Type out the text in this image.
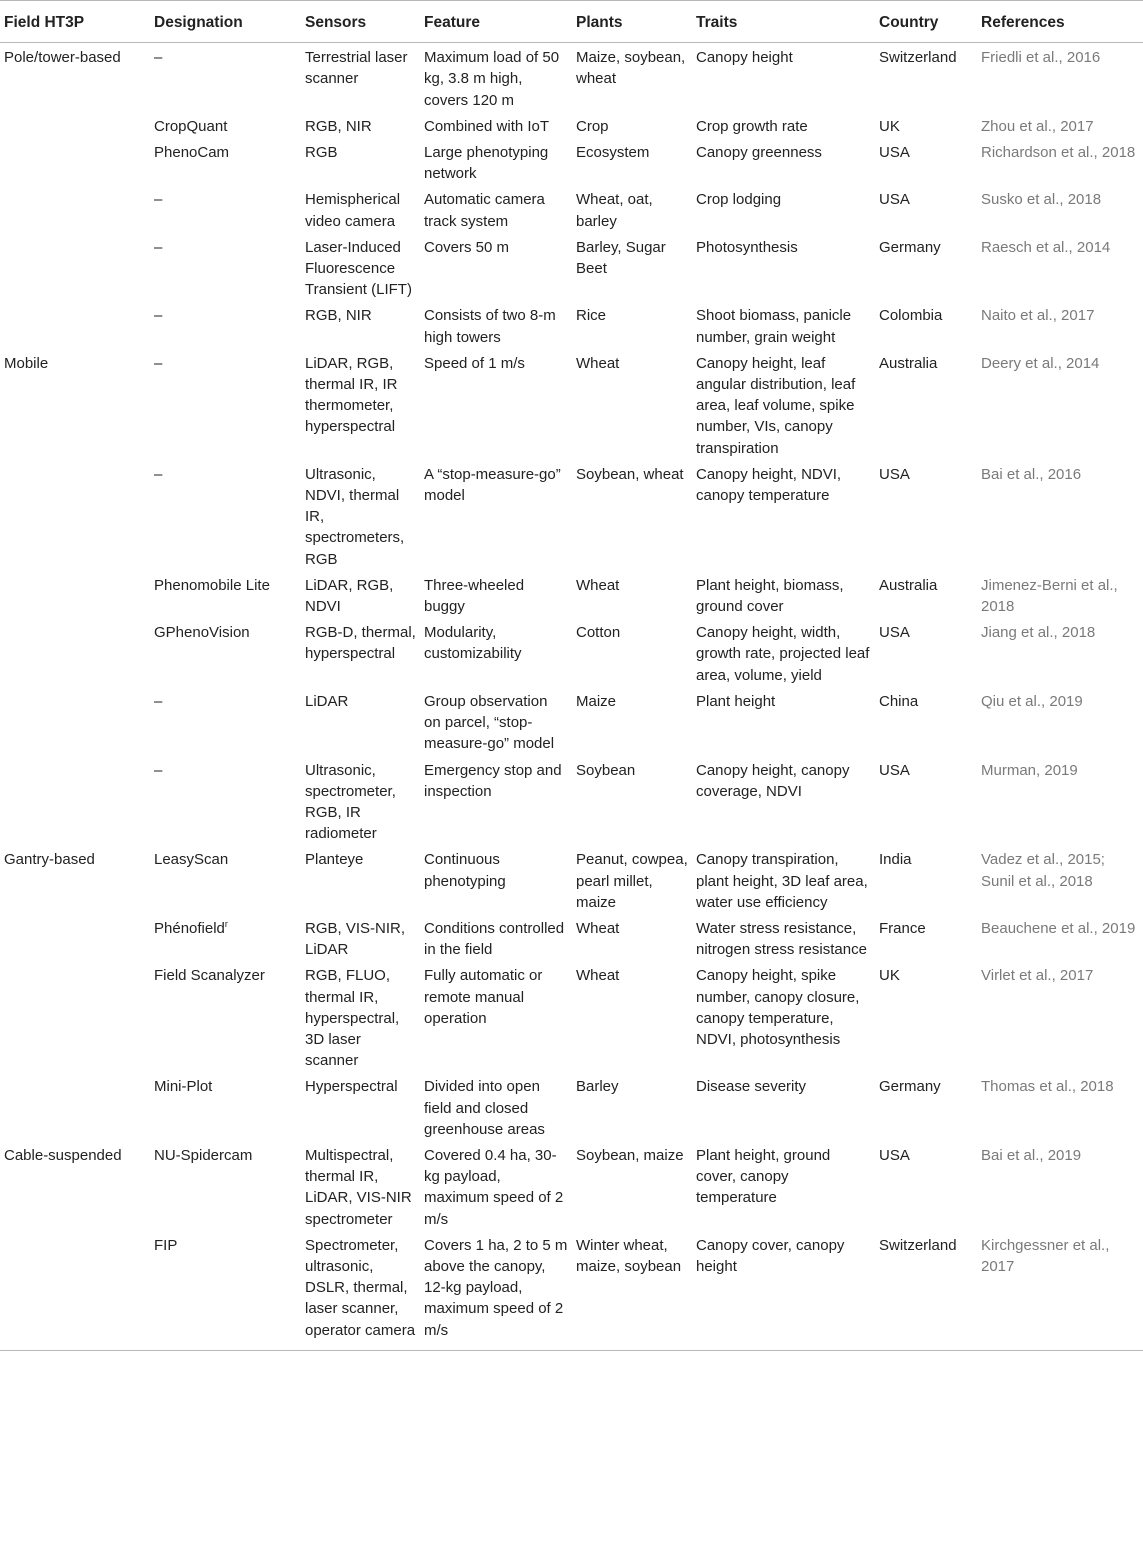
Field HT3P	Designation	Sensors	Feature	Plants	Traits	Country	References
Pole/tower-based	–	Terrestrial laser scanner	Maximum load of 50 kg, 3.8 m high, covers 120 m	Maize, soybean, wheat	Canopy height	Switzerland	Friedli et al., 2016
	CropQuant	RGB, NIR	Combined with IoT	Crop	Crop growth rate	UK	Zhou et al., 2017
	PhenoCam	RGB	Large phenotyping network	Ecosystem	Canopy greenness	USA	Richardson et al., 2018
	–	Hemispherical video camera	Automatic camera track system	Wheat, oat, barley	Crop lodging	USA	Susko et al., 2018
	–	Laser-Induced Fluorescence Transient (LIFT)	Covers 50 m	Barley, Sugar Beet	Photosynthesis	Germany	Raesch et al., 2014
	–	RGB, NIR	Consists of two 8-m high towers	Rice	Shoot biomass, panicle number, grain weight	Colombia	Naito et al., 2017
Mobile	–	LiDAR, RGB, thermal IR, IR thermometer, hyperspectral	Speed of 1 m/s	Wheat	Canopy height, leaf angular distribution, leaf area, leaf volume, spike number, VIs, canopy transpiration	Australia	Deery et al., 2014
	–	Ultrasonic, NDVI, thermal IR, spectrometers, RGB	A “stop-measure-go” model	Soybean, wheat	Canopy height, NDVI, canopy temperature	USA	Bai et al., 2016
	Phenomobile Lite	LiDAR, RGB, NDVI	Three-wheeled buggy	Wheat	Plant height, biomass, ground cover	Australia	Jimenez-Berni et al., 2018
	GPhenoVision	RGB-D, thermal, hyperspectral	Modularity, customizability	Cotton	Canopy height, width, growth rate, projected leaf area, volume, yield	USA	Jiang et al., 2018
	–	LiDAR	Group observation on parcel, “stop-measure-go” model	Maize	Plant height	China	Qiu et al., 2019
	–	Ultrasonic, spectrometer, RGB, IR radiometer	Emergency stop and inspection	Soybean	Canopy height, canopy coverage, NDVI	USA	Murman, 2019
Gantry-based	LeasyScan	Planteye	Continuous phenotyping	Peanut, cowpea, pearl millet, maize	Canopy transpiration, plant height, 3D leaf area, water use efficiency	India	Vadez et al., 2015; Sunil et al., 2018
	Phénofield$^r$	RGB, VIS-NIR, LiDAR	Conditions controlled in the field	Wheat	Water stress resistance, nitrogen stress resistance	France	Beauchene et al., 2019
	Field Scanalyzer	RGB, FLUO, thermal IR, hyperspectral, 3D laser scanner	Fully automatic or remote manual operation	Wheat	Canopy height, spike number, canopy closure, canopy temperature, NDVI, photosynthesis	UK	Virlet et al., 2017
	Mini-Plot	Hyperspectral	Divided into open field and closed greenhouse areas	Barley	Disease severity	Germany	Thomas et al., 2018
Cable-suspended	NU-Spidercam	Multispectral, thermal IR, LiDAR, VIS-NIR spectrometer	Covered 0.4 ha, 30-kg payload, maximum speed of 2 m/s	Soybean, maize	Plant height, ground cover, canopy temperature	USA	Bai et al., 2019
	FIP	Spectrometer, ultrasonic, DSLR, thermal, laser scanner, operator camera	Covers 1 ha, 2 to 5 m above the canopy, 12-kg payload, maximum speed of 2 m/s	Winter wheat, maize, soybean	Canopy cover, canopy height	Switzerland	Kirchgessner et al., 2017
